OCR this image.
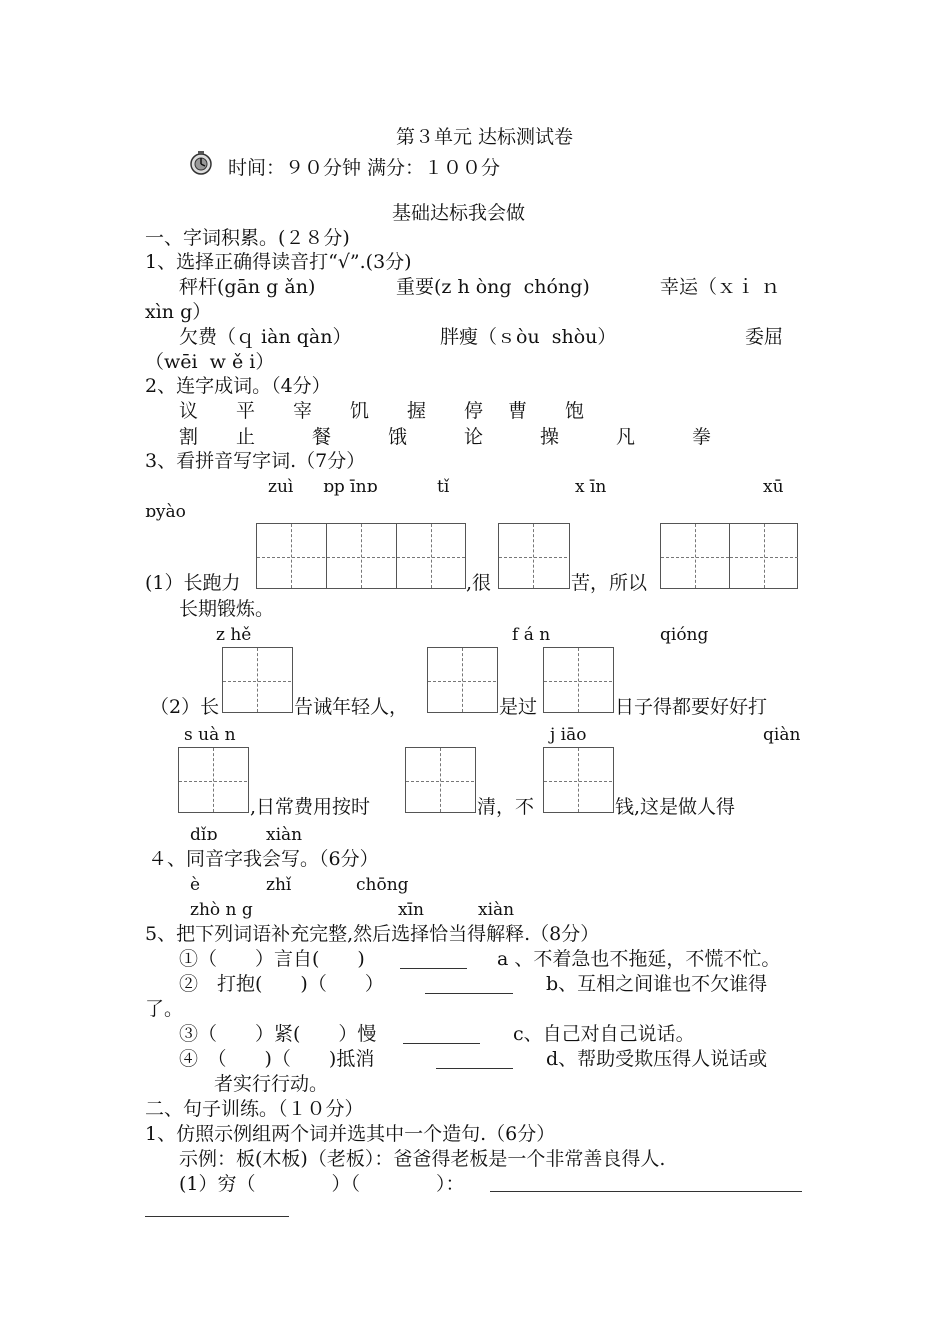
第３单元 达标测试卷
时间：９０分钟 满分：１００分
基础达标我会做
一、字词积累。(２８分)
1、选择正确得读音打“√”.(3分)
秤杆(gān g ǎn)	重要(z h òng  chóng)	幸运（ｘｉ ｎ
xìn g）
欠费（ｑ iàn qàn）	胖瘦（ｓòu  shòu）	委屈
（wēi  w ě i）
2、连字成词。（4分）
议　　平　　宰　　饥　　握　　停　 曹　　饱
割　　止　　　餐　　　饿　　　论　　　操　　　凡　　　拳
3、看拼音写字词.（7分）
zuì ɒp īnɒ	tǐ	x īn	xū
ɒyào
(1）长跑力	,很	苦，所以
长期锻炼。
z hě	f á n	qióng
（2）长	告诫年轻人，	是过	日子得都要好好打
s uà n	j iāo	qiàn
,日常费用按时	清，不	钱,这是做人得
dǐɒ	xiàn
４、同音字我会写。（6分）
è	zhǐ	chōng
zhò n g	xīn	xiàn
5、把下列词语补充完整,然后选择恰当得解释.（8分）
①（　　）言自(　　)	a 、不着急也不拖延，不慌不忙。
②　打抱(　　)（　　）	b、互相之间谁也不欠谁得
了。
③（　　）紧(　　）慢	c、自己对自己说话。
④　（　　)（　　)抵消	d、帮助受欺压得人说话或
者实行行动。
二、句子训练。（１０分）
1、仿照示例组两个词并选其中一个造句.（6分）
示例：板(木板)（老板）：爸爸得老板是一个非常善良得人.
(1）穷（　　　　）（　　　　）：
